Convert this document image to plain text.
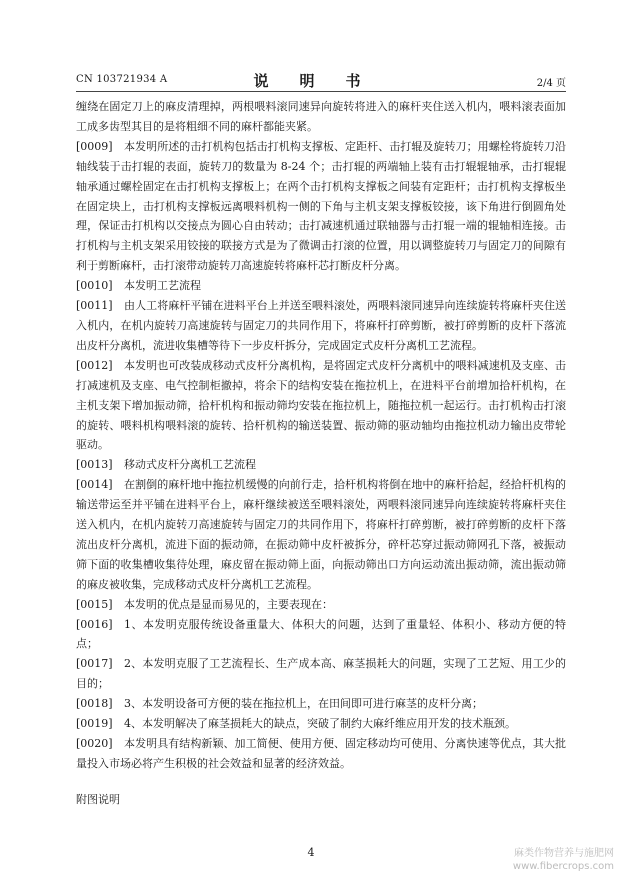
CN 103721934 A	说　明　书	2/4 页

缠绕在固定刀上的麻皮清理掉，两根喂料滚同速异向旋转将进入的麻杆夹住送入机内，喂料滚表面加工成多齿型其目的是将粗细不同的麻杆都能夹紧。

[0009] 本发明所述的击打机构包括击打机构支撑板、定距杆、击打辊及旋转刀；用螺栓将旋转刀沿轴线装于击打辊的表面，旋转刀的数量为 8-24 个；击打辊的两端轴上装有击打辊辊轴承，击打辊辊轴承通过螺栓固定在击打机构支撑板上；在两个击打机构支撑板之间装有定距杆；击打机构支撑板坐在固定块上，击打机构支撑板远离喂料机构一侧的下角与主机支架支撑板铰接，该下角进行倒圆角处理，保证击打机构以交接点为圆心自由转动；击打减速机通过联轴器与击打辊一端的辊轴相连接。击打机构与主机支架采用铰接的联接方式是为了微调击打滚的位置，用以调整旋转刀与固定刀的间隙有利于剪断麻杆，击打滚带动旋转刀高速旋转将麻杆芯打断皮杆分离。

[0010] 本发明工艺流程

[0011] 由人工将麻杆平铺在进料平台上并送至喂料滚处，两喂料滚同速异向连续旋转将麻杆夹住送入机内，在机内旋转刀高速旋转与固定刀的共同作用下，将麻杆打碎剪断，被打碎剪断的皮杆下落流出皮杆分离机，流进收集槽等待下一步皮杆拆分，完成固定式皮杆分离机工艺流程。

[0012] 本发明也可改装成移动式皮杆分离机构，是将固定式皮杆分离机中的喂料减速机及支座、击打减速机及支座、电气控制柜撤掉，将余下的结构安装在拖拉机上，在进料平台前增加拾杆机构，在主机支架下增加振动筛，拾杆机构和振动筛均安装在拖拉机上，随拖拉机一起运行。击打机构击打滚的旋转、喂料机构喂料滚的旋转、拾杆机构的输送装置、振动筛的驱动轴均由拖拉机动力输出皮带轮驱动。

[0013] 移动式皮杆分离机工艺流程

[0014] 在割倒的麻杆地中拖拉机缓慢的向前行走，拾杆机构将倒在地中的麻杆拾起，经拾杆机构的输送带运至并平铺在进料平台上，麻杆继续被送至喂料滚处，两喂料滚同速异向连续旋转将麻杆夹住送入机内，在机内旋转刀高速旋转与固定刀的共同作用下，将麻杆打碎剪断，被打碎剪断的皮杆下落流出皮杆分离机，流进下面的振动筛，在振动筛中皮杆被拆分，碎杆芯穿过振动筛网孔下落，被振动筛下面的收集槽收集待处理，麻皮留在振动筛上面，向振动筛出口方向运动流出振动筛，流出振动筛的麻皮被收集，完成移动式皮杆分离机工艺流程。

[0015] 本发明的优点是显而易见的，主要表现在：

[0016] 1、本发明克服传统设备重量大、体积大的问题，达到了重量轻、体积小、移动方便的特点；

[0017] 2、本发明克服了工艺流程长、生产成本高、麻茎损耗大的问题，实现了工艺短、用工少的目的；

[0018] 3、本发明设备可方便的装在拖拉机上，在田间即可进行麻茎的皮杆分离；

[0019] 4、本发明解决了麻茎损耗大的缺点，突破了制约大麻纤维应用开发的技术瓶颈。

[0020] 本发明具有结构新颖、加工简便、使用方便、固定移动均可使用、分离快速等优点，其大批量投入市场必将产生积极的社会效益和显著的经济效益。

附图说明

4	麻类作物营养与施肥网
www.fibercrops.com
